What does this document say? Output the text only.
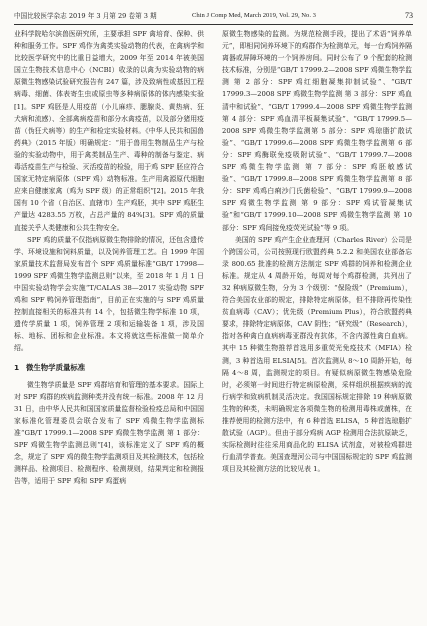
中国比较医学杂志 2019 年 3 月第 29 卷第 3 期	Chin J Comp Med, March 2019, Vol. 29, No. 3	73

业科学院哈尔滨兽医研究所，主要承担 SPF 禽培育、保种、供种和服务工作。SPF 鸡作为禽类实验动物的代表，在禽病学和比较医学研究中的比重日益增大，2009 年至 2014 年被美国国立生物技术信息中心（NCBI）收录的以禽为实验动物的病原微生物感染试验研究报告有 247 篇，涉及致病性或基因工程病毒、细菌、体表寄生虫或原虫等多种病原体的体内感染实验[1]。SPF 鸡胚是人用疫苗（小儿麻疹、腮腺炎、黄热病、狂犬病和流感）、全部禽病疫苗和部分水禽疫苗，以及部分猪用疫苗（伪狂犬病等）的生产和检定实验材料。《中华人民共和国兽药典》（2015 年版）明确规定：“用于兽用生物制品生产与检验的实验动物中，用于禽类制品生产、毒种的制备与鉴定、病毒活疫苗生产与检验、灭活疫苗的检验，用于鸡 SPF 胚应符合国家无特定病原体（SPF 鸡）动物标准。生产用禽源原代细胞应来自健康家禽（鸡为 SPF 级）的正常组织”[2]。2015 年我国有 10 个省（自治区、直辖市）生产鸡胚，其中 SPF 鸡胚生产量达 4283.55 万枚，占总产量的 84%[3]。SPF 鸡的质量直接关乎人类健康和公共生物安全。

SPF 鸡的质量不仅指病原微生物排除的情况，还包含遗传学、环境设施和饲料质量，以及饲养管理工艺。自 1999 年国家质量技术监督局发布首个 SPF 鸡质量标准“GB/T 17998—1999 SPF 鸡微生物学监测总则”以来，至 2018 年 1 月 1 日中国实验动物学会实施“T/CALAS 38—2017 实验动物 SPF 鸡和 SPF 鸭饲养管理指南”，目前正在实施的与 SPF 鸡质量控制直接相关的标准共有 14 个，包括微生物学标准 10 项，遗传学质量 1 项，饲养管理 2 项和运输装备 1 项，涉及国标、地标、团标和企业标准。本文将就这些标准做一简单介绍。

1 微生物学质量标准

微生物学质量是 SPF 鸡群培育和管理的基本要求。国际上对 SPF 鸡群的疾病监测种类并没有统一标准。2008 年 12 月 31 日，由中华人民共和国国家质量监督检验检疫总局和中国国家标准化管理委员会联合发布了 SPF 鸡微生物学监测标准“GB/T 17999.1—2008 SPF 鸡微生物学监测 第 1 部分：SPF 鸡微生物学监测总则”[4]，该标准定义了 SPF 鸡的概念，规定了 SPF 鸡的微生物学监测项目及其检测技术，包括检测样品、检测项目、检测程序、检测规则，结果判定和检测报告等，适用于 SPF 鸡和 SPF 鸡蛋病

原微生物感染的监测。为规范检测手段，提出了术语“饲养单元”，即相同饲养环境下的鸡群作为检测单元，每一台鸡饲养隔离器或屏障环境的一个饲养房间。同时公布了 9 个配套的检测技术标准，分别是“GB/T 17999.2—2008 SPF 鸡微生物学监测 第 2 部分：SPF 鸡红细胞凝集抑制试验”、“GB/T 17999.3—2008 SPF 鸡微生物学监测 第 3 部分：SPF 鸡血清中和试验”、“GB/T 17999.4—2008 SPF 鸡微生物学监测 第 4 部分：SPF 鸡血清平板凝集试验”、“GB/T 17999.5—2008 SPF 鸡微生物学监测第 5 部分：SPF 鸡琼脂扩散试验”、“GB/T 17999.6—2008 SPF 鸡微生物学监测第 6 部分：SPF 鸡酶联免疫吸附试验”、“GB/T 17999.7—2008 SPF 鸡微生物学监测 第 7 部分：SPF 鸡胚敏感试验”、“GB/T 17999.8—2008 SPF 鸡微生物学监测第 8 部分：SPF 鸡鸡白痢沙门氏菌检验”、“GB/T 17999.9—2008 SPF 鸡微生物学监测 第 9 部分：SPF 鸡试管凝集试验”和“GB/T 17999.10—2008 SPF 鸡微生物学监测 第 10 部分：SPF 鸡间接免疫荧光试验”等 9 项。

美国的 SPF 鸡产生企业查理河（Charles River）公司是个跨国公司，公司按照现行欧盟药典 5.2.2 和美国农业部备忘录 800.65 批准的检测方法制定 SPF 鸡群的饲养和检测企业标准。规定从 4 周龄开始，每周对每个鸡群检测，共列出了 32 种病原微生物，分为 3 个级别：“保险级”（Premium），符合美国农业部的规定，排除特定病原体，但不排除再传染性贫血病毒（CAV）；优先级（Premium Plus），符合欧盟药典要求，排除特定病原体，CAV 阴性；“研究级”（Research），指对各种禽白血病病毒亚群没有抗体，不含内源性禽白血病。其中 15 种微生物推荐首选用多重荧光免疫技术（MFIA）检测，3 种首选用 ELSIA[5]。首次监测从 8～10 周龄开始，每隔 4～8 周，监测规定的项目。有疑似病原微生物感染危险时，必须第一时间进行特定病原检测，采样组织根据疾病的流行病学和致病机制灵活决定。我国国标规定排除 19 种病原微生物的种类，未明确规定各项微生物的检测用毒株或菌株，在推荐使用的检测方法中，有 6 种首选 ELISA，5 种首选琼脂扩散试验（AGP）。但由于部分鸡病 AGP 检测用合法抗原缺乏，实际检测时往往采用商品化的 ELISA 试剂盒，对被检鸡群进行血清学普查。美国查理河公司与中国国标规定的 SPF 鸡监测项目及其检测方法的比较见表 1。
